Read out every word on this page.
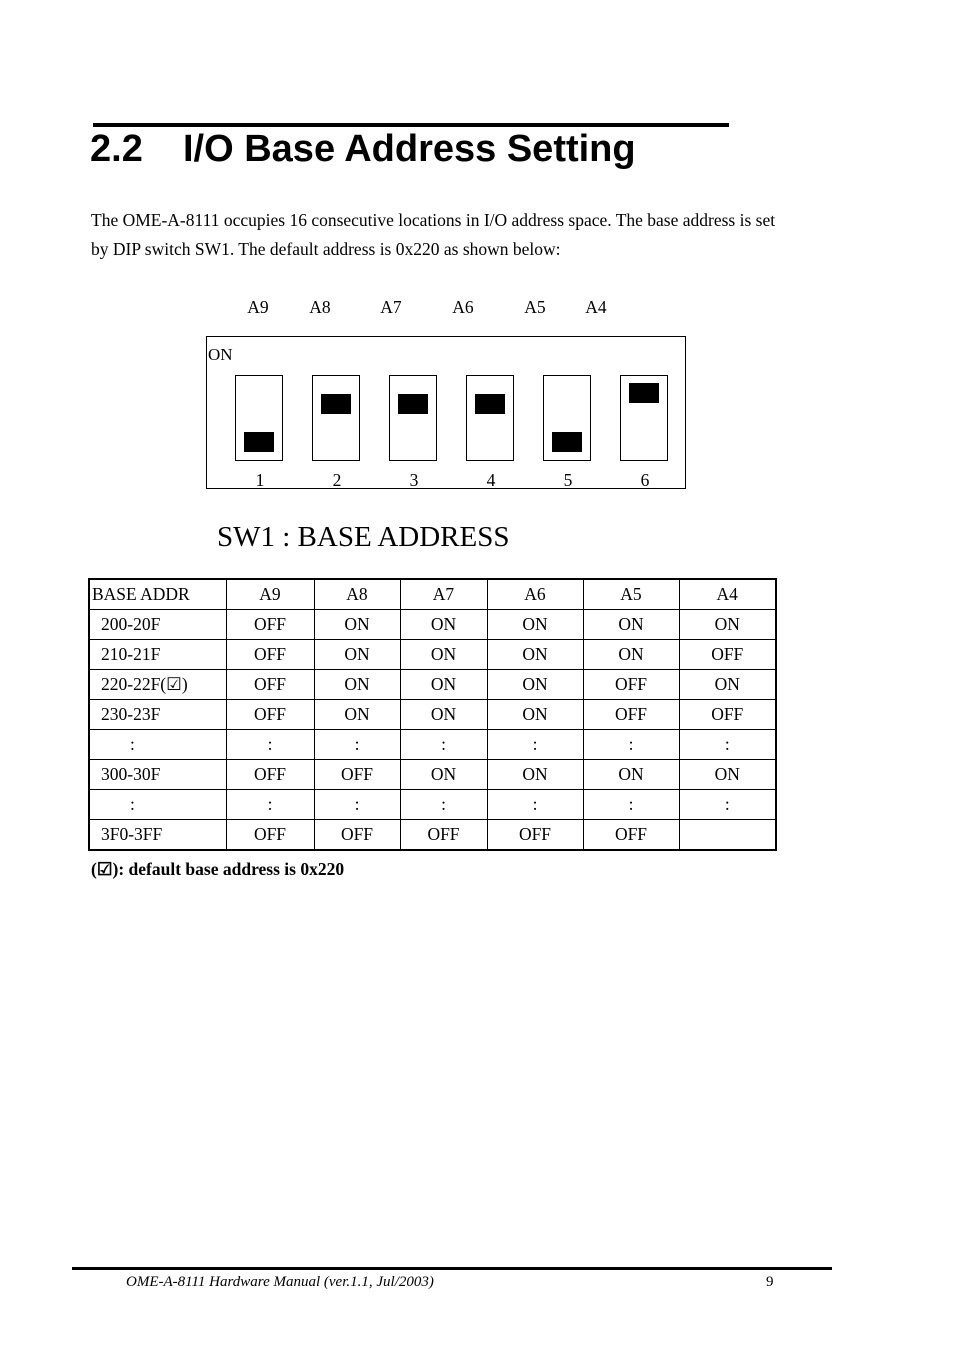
2.2 I/O Base Address Setting
The OME-A-8111 occupies 16 consecutive locations in I/O address space. The base address is set by DIP switch SW1. The default address is 0x220 as shown below:
A9	A8	A7	A6	A5	A4
ON
1	2	3	4	5	6
SW1 : BASE ADDRESS
BASE ADDR	A9	A8	A7	A6	A5	A4
200-20F	OFF	ON	ON	ON	ON	ON
210-21F	OFF	ON	ON	ON	ON	OFF
220-22F(☑)	OFF	ON	ON	ON	OFF	ON
230-23F	OFF	ON	ON	ON	OFF	OFF
:	:	:	:	:	:	:
300-30F	OFF	OFF	ON	ON	ON	ON
:	:	:	:	:	:	:
3F0-3FF	OFF	OFF	OFF	OFF	OFF	
(☑): default base address is 0x220
OME-A-8111 Hardware Manual (ver.1.1, Jul/2003)	9
